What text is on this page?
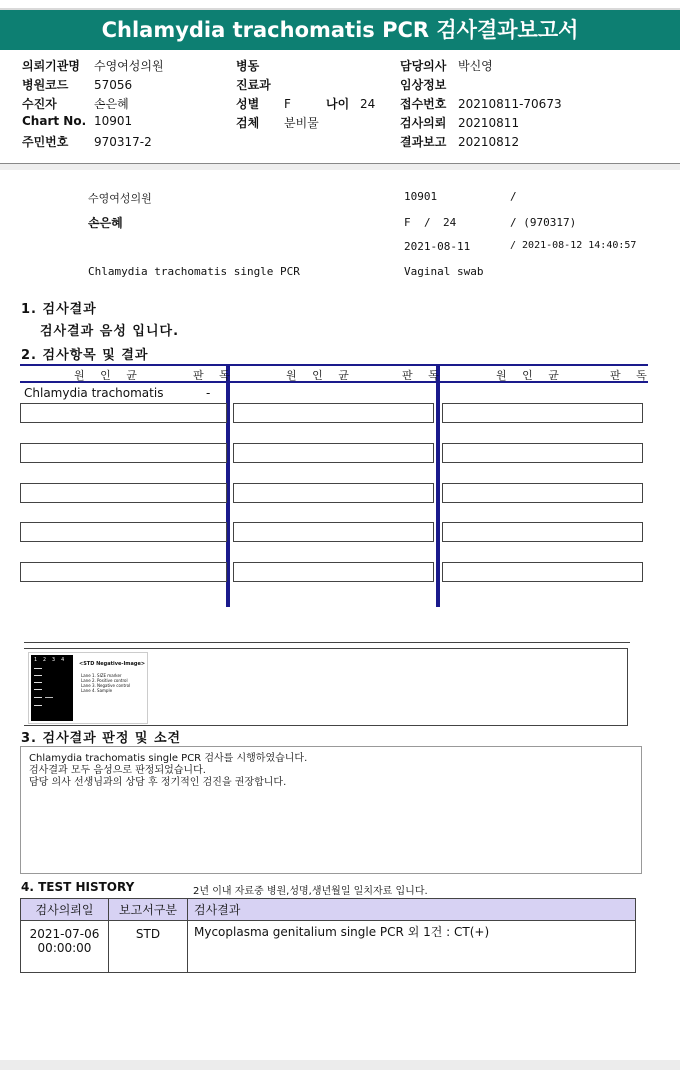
Chlamydia trachomatis PCR 검사결과보고서
의뢰기관명 수영여성의원
병원코드 57056
수진자	손은혜
Chart No. 10901
주민번호 970317-2
병동
진료과
성별 F	나이 24
검체 분비물
담당의사 박신영
임상정보
접수번호 20210811-70673
검사의뢰 20210811
결과보고 20210812
수영여성의원	10901	/
손은혜	F / 24	/ (970317)
2021-08-11	/ 2021-08-12 14:40:57
Chlamydia trachomatis single PCR	Vaginal swab
1. 검사결과
검사결과 음성 입니다.
2. 검사항목 및 결과
원 인 균	판 독	원 인 균	판 독	원 인 균	판 독
Chlamydia trachomatis	-
1  2  3  4
<STD Negative-Image>
Lane 1. SIZE marker
Lane 2. Positive control
Lane 3. Negative control
Lane 4. Sample
3. 검사결과 판정 및 소견
Chlamydia trachomatis single PCR 검사를 시행하였습니다.
검사결과 모두 음성으로 판정되었습니다.
담당 의사 선생님과의 상담 후 정기적인 검진을 권장합니다.
4. TEST HISTORY	2년 이내 자료중 병원,성명,생년월일 일치자료 입니다.
검사의뢰일	보고서구분	검사결과

2021-07-06
00:00:00	STD	Mycoplasma genitalium single PCR 외 1건 : CT(+)
